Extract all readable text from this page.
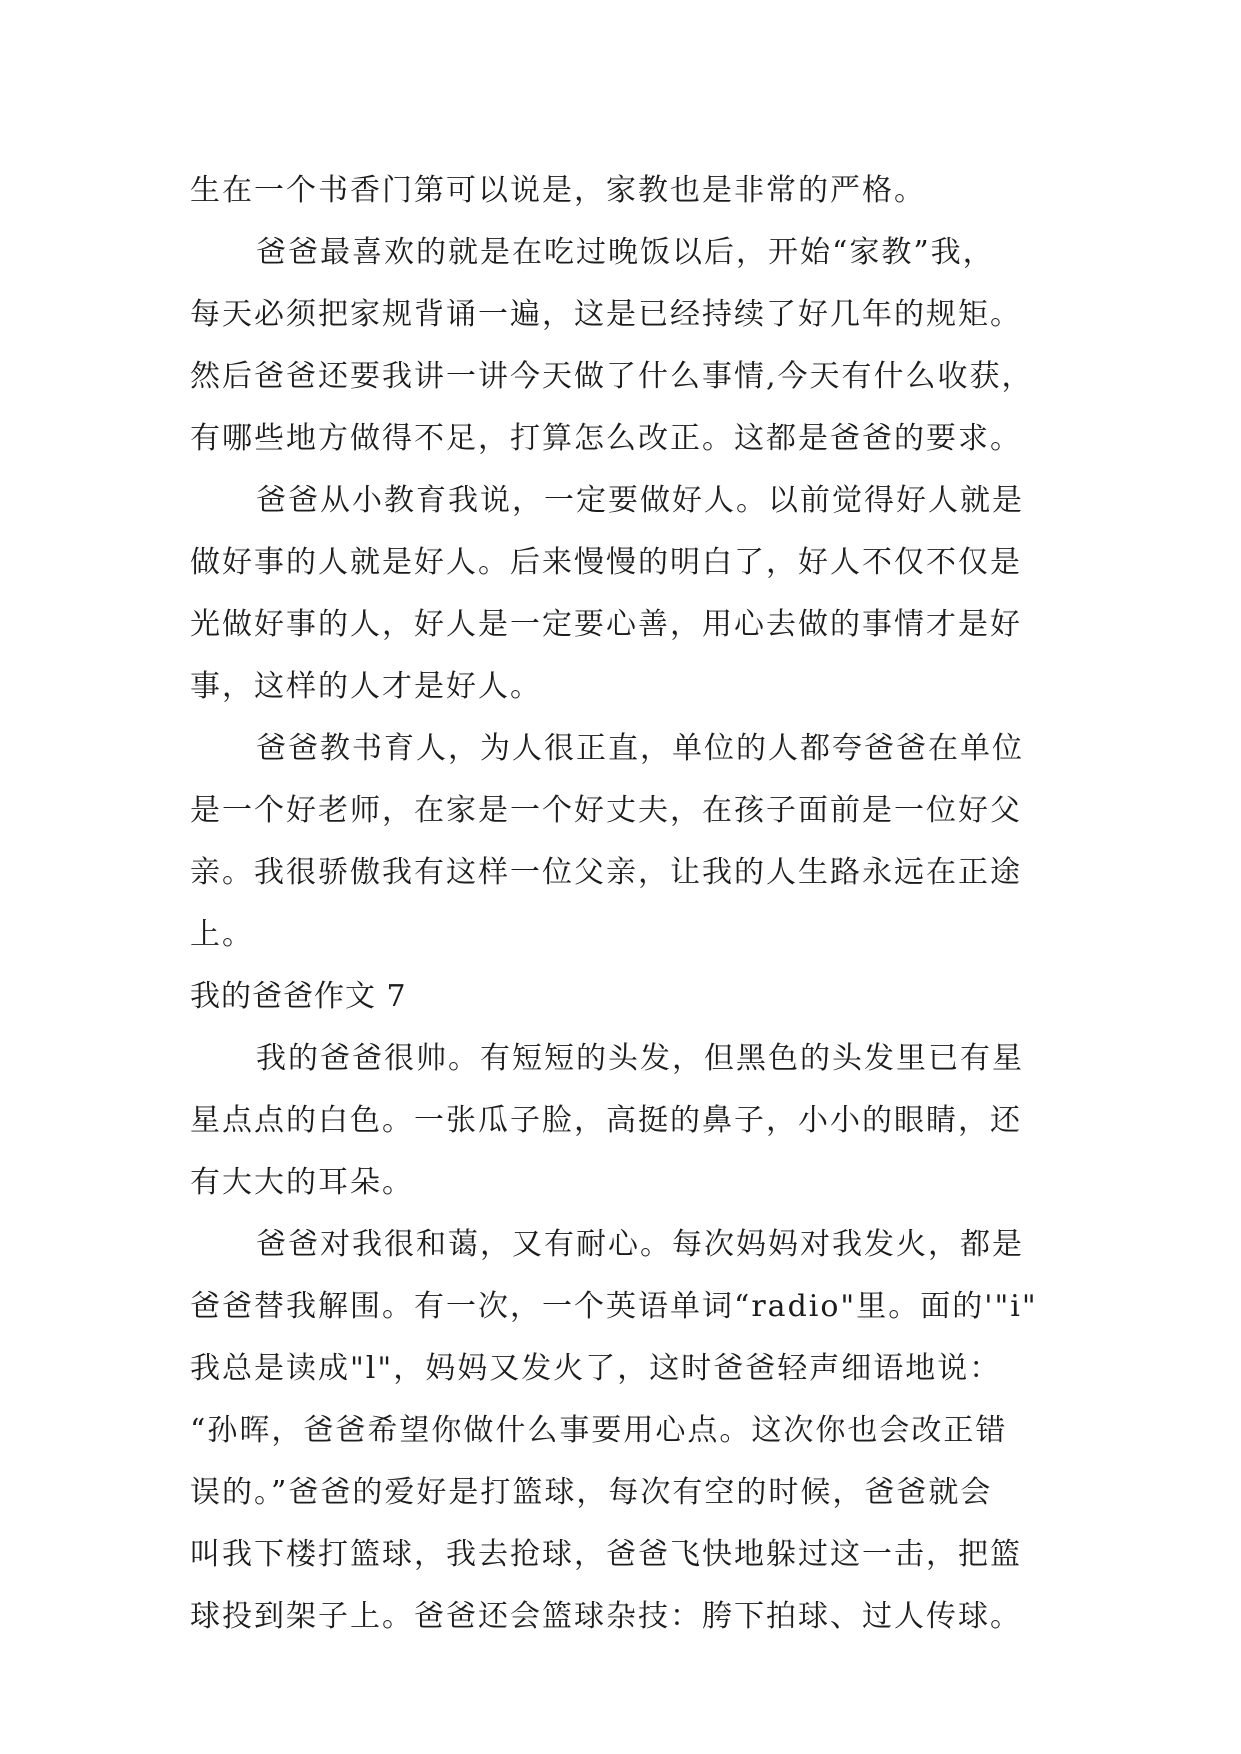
生在一个书香门第可以说是，家教也是非常的严格。
爸爸最喜欢的就是在吃过晚饭以后，开始“家教”我，
每天必须把家规背诵一遍，这是已经持续了好几年的规矩。
然后爸爸还要我讲一讲今天做了什么事情,今天有什么收获，
有哪些地方做得不足，打算怎么改正。这都是爸爸的要求。
爸爸从小教育我说，一定要做好人。以前觉得好人就是
做好事的人就是好人。后来慢慢的明白了，好人不仅不仅是
光做好事的人，好人是一定要心善，用心去做的事情才是好
事，这样的人才是好人。
爸爸教书育人，为人很正直，单位的人都夸爸爸在单位
是一个好老师，在家是一个好丈夫，在孩子面前是一位好父
亲。我很骄傲我有这样一位父亲，让我的人生路永远在正途
上。
我的爸爸作文 7
我的爸爸很帅。有短短的头发，但黑色的头发里已有星
星点点的白色。一张瓜子脸，高挺的鼻子，小小的眼睛，还
有大大的耳朵。
爸爸对我很和蔼，又有耐心。每次妈妈对我发火，都是
爸爸替我解围。有一次，一个英语单词“radio"里。面的'"i"
我总是读成"l"，妈妈又发火了，这时爸爸轻声细语地说：
“孙晖，爸爸希望你做什么事要用心点。这次你也会改正错
误的。”爸爸的爱好是打篮球，每次有空的时候，爸爸就会
叫我下楼打篮球，我去抢球，爸爸飞快地躲过这一击，把篮
球投到架子上。爸爸还会篮球杂技：胯下拍球、过人传球。
